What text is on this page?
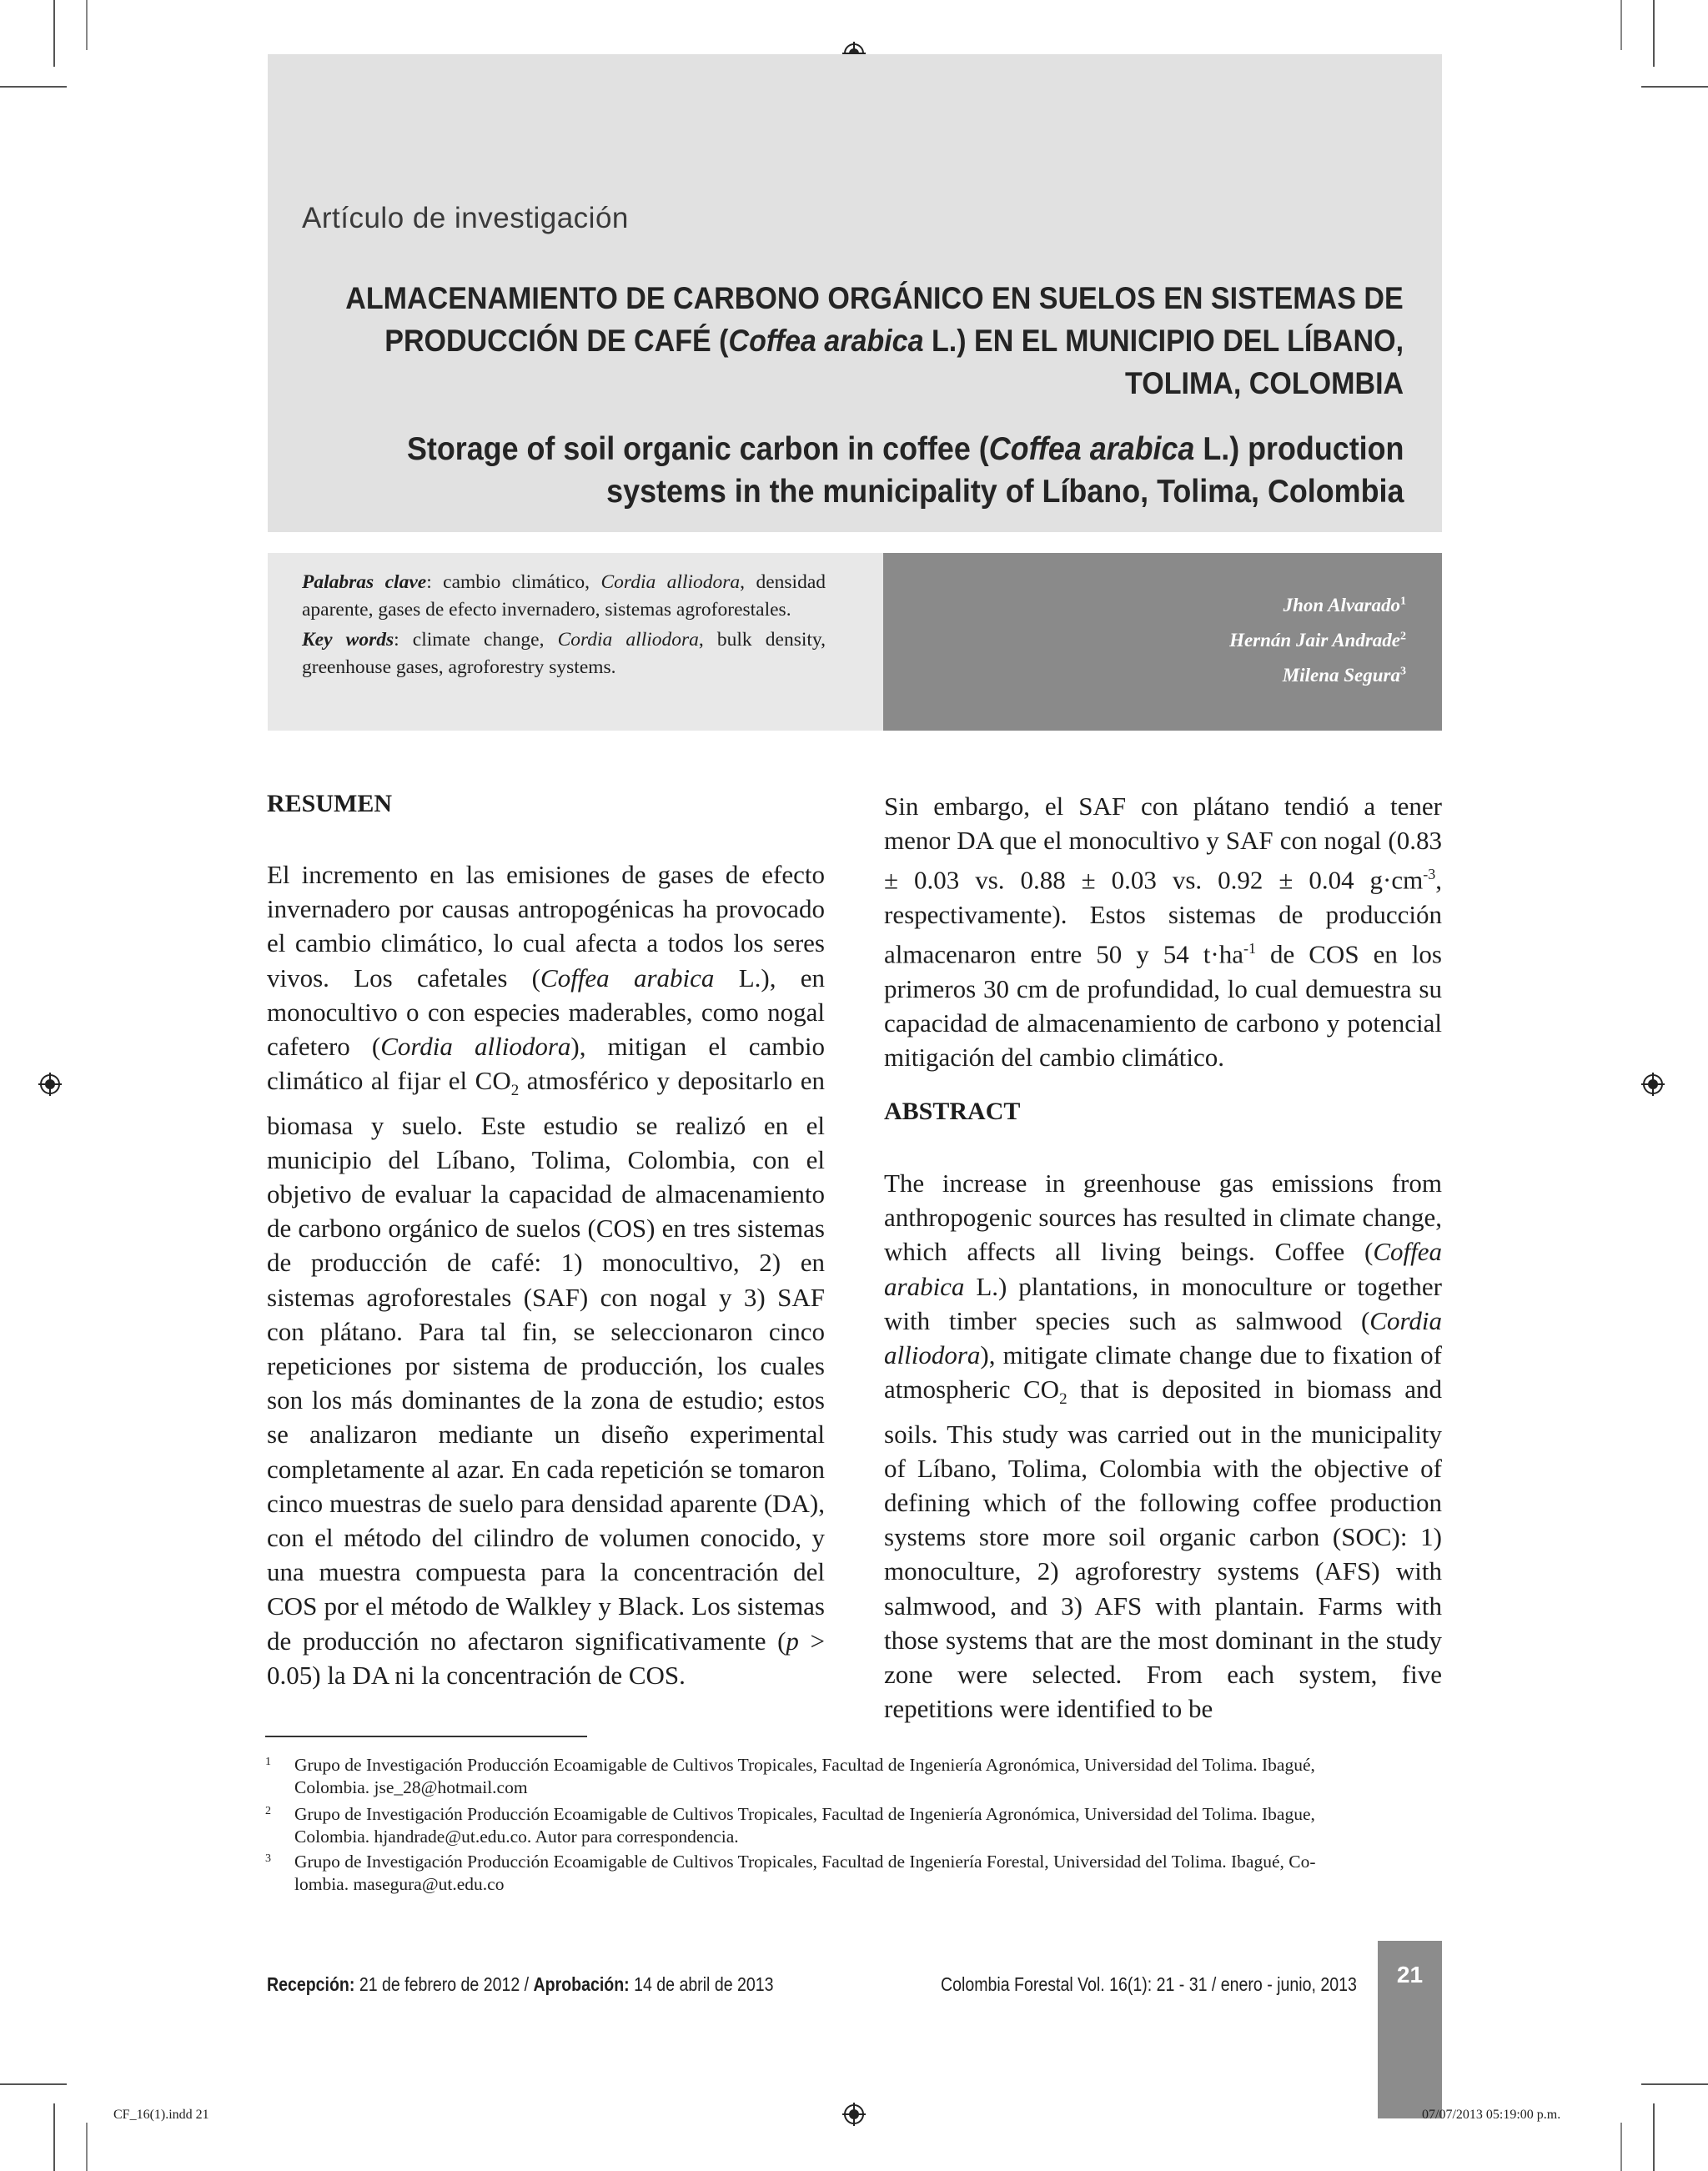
Artículo de investigación
ALMACENAMIENTO DE CARBONO ORGÁNICO EN SUELOS EN SISTEMAS DE
PRODUCCIÓN DE CAFÉ (Coffea arabica L.) EN EL MUNICIPIO DEL LÍBANO,
TOLIMA, COLOMBIA
Storage of soil organic carbon in coffee (Coffea arabica L.) production
systems in the municipality of Líbano, Tolima, Colombia
Palabras clave: cambio climático, Cordia alliodora, densidad aparente, gases de efecto invernadero, sistemas agroforestales.
Key words: climate change, Cordia alliodora, bulk density, greenhouse gases, agroforestry systems.
Jhon Alvarado$^1$
Hernán Jair Andrade$^2$
Milena Segura$^3$
RESUMEN
El incremento en las emisiones de gases de efecto invernadero por causas antropogénicas ha provocado el cambio climático, lo cual afecta a todos los seres vivos. Los cafetales (Coffea arabica L.), en monocultivo o con especies maderables, como nogal cafetero (Cordia alliodora), mitigan el cambio climático al fijar el $CO_2$ atmosférico y depositarlo en biomasa y suelo. Este estudio se realizó en el municipio del Líbano, Tolima, Colombia, con el objetivo de evaluar la capacidad de almacenamiento de carbono orgánico de suelos (COS) en tres sistemas de producción de café: 1) monocultivo, 2) en sistemas agroforestales (SAF) con nogal y 3) SAF con plátano. Para tal fin, se seleccionaron cinco repeticiones por sistema de producción, los cuales son los más dominantes de la zona de estudio; estos se analizaron mediante un diseño experimental completamente al azar. En cada repetición se tomaron cinco muestras de suelo para densidad aparente (DA), con el método del cilindro de volumen conocido, y una muestra compuesta para la concentración del COS por el método de Walkley y Black. Los sistemas de producción no afectaron significativamente (p > 0.05) la DA ni la concentración de COS.
Sin embargo, el SAF con plátano tendió a tener menor DA que el monocultivo y SAF con nogal (0.83 ± 0.03 vs. 0.88 ± 0.03 vs. 0.92 ± 0.04 $g\cdot cm^{-3}$, respectivamente). Estos sistemas de producción almacenaron entre 50 y 54 $t\cdot ha^{-1}$ de COS en los primeros 30 cm de profundidad, lo cual demuestra su capacidad de almacenamiento de carbono y potencial mitigación del cambio climático.
ABSTRACT
The increase in greenhouse gas emissions from anthropogenic sources has resulted in climate change, which affects all living beings. Coffee (Coffea arabica L.) plantations, in monoculture or together with timber species such as salmwood (Cordia alliodora), mitigate climate change due to fixation of atmospheric $CO_2$ that is deposited in biomass and soils. This study was carried out in the municipality of Líbano, Tolima, Colombia with the objective of defining which of the following coffee production systems store more soil organic carbon (SOC): 1) monoculture, 2) agroforestry systems (AFS) with salmwood, and 3) AFS with plantain. Farms with those systems that are the most dominant in the study zone were selected. From each system, five repetitions were identified to be
1 Grupo de Investigación Producción Ecoamigable de Cultivos Tropicales, Facultad de Ingeniería Agronómica, Universidad del Tolima. Ibagué,
Colombia. jse_28@hotmail.com
2 Grupo de Investigación Producción Ecoamigable de Cultivos Tropicales, Facultad de Ingeniería Agronómica, Universidad del Tolima. Ibague,
Colombia. hjandrade@ut.edu.co. Autor para correspondencia.
3 Grupo de Investigación Producción Ecoamigable de Cultivos Tropicales, Facultad de Ingeniería Forestal, Universidad del Tolima. Ibagué, Co-
lombia. masegura@ut.edu.co
Recepción: 21 de febrero de 2012 / Aprobación: 14 de abril de 2013	Colombia Forestal Vol. 16(1): 21 - 31 / enero - junio, 2013	21
CF_16(1).indd 21	07/07/2013 05:19:00 p.m.
